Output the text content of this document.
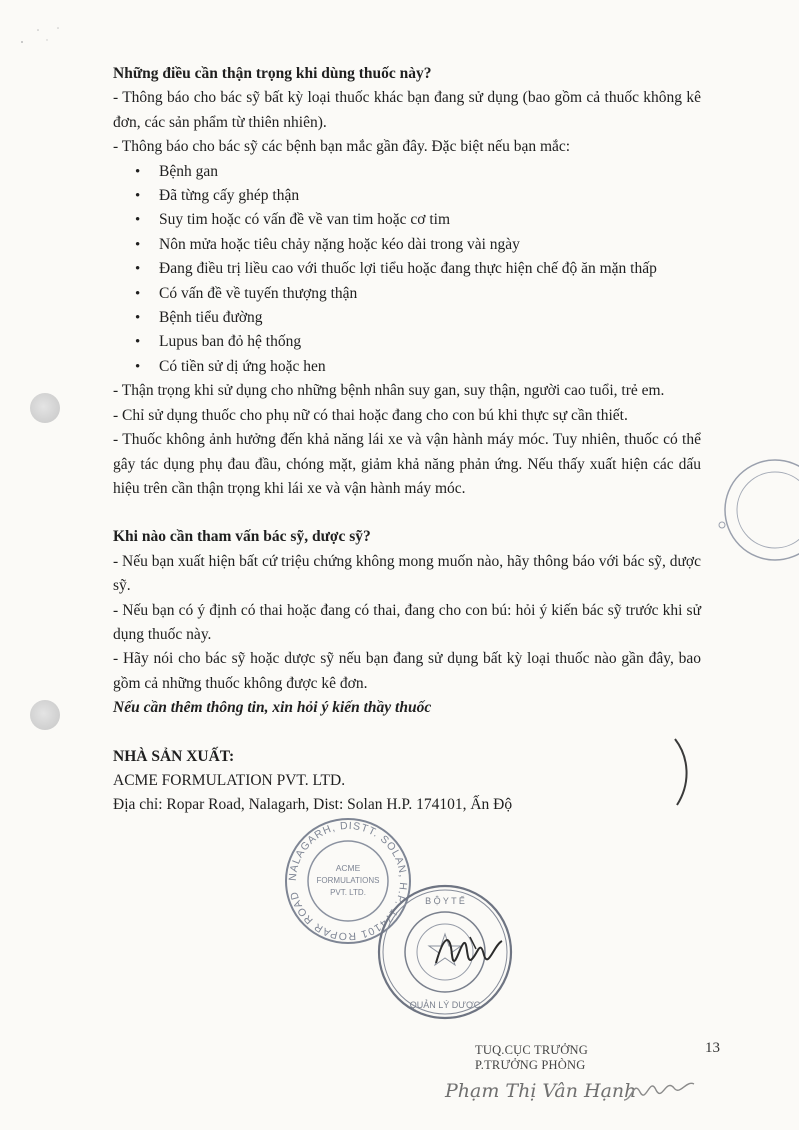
Những điều cần thận trọng khi dùng thuốc này?

- Thông báo cho bác sỹ bất kỳ loại thuốc khác bạn đang sử dụng (bao gồm cả thuốc không kê đơn, các sản phẩm từ thiên nhiên).

- Thông báo cho bác sỹ các bệnh bạn mắc gần đây. Đặc biệt nếu bạn mắc:

• Bệnh gan
• Đã từng cấy ghép thận
• Suy tim hoặc có vấn đề về van tim hoặc cơ tim
• Nôn mửa hoặc tiêu chảy nặng hoặc kéo dài trong vài ngày
• Đang điều trị liều cao với thuốc lợi tiểu hoặc đang thực hiện chế độ ăn mặn thấp
• Có vấn đề về tuyến thượng thận
• Bệnh tiểu đường
• Lupus ban đỏ hệ thống
• Có tiền sử dị ứng hoặc hen

- Thận trọng khi sử dụng cho những bệnh nhân suy gan, suy thận, người cao tuổi, trẻ em.

- Chỉ sử dụng thuốc cho phụ nữ có thai hoặc đang cho con bú khi thực sự cần thiết.

- Thuốc không ảnh hưởng đến khả năng lái xe và vận hành máy móc. Tuy nhiên, thuốc có thể gây tác dụng phụ đau đầu, chóng mặt, giảm khả năng phản ứng. Nếu thấy xuất hiện các dấu hiệu trên cần thận trọng khi lái xe và vận hành máy móc.

Khi nào cần tham vấn bác sỹ, dược sỹ?

- Nếu bạn xuất hiện bất cứ triệu chứng không mong muốn nào, hãy thông báo với bác sỹ, dược sỹ.

- Nếu bạn có ý định có thai hoặc đang có thai, đang cho con bú: hỏi ý kiến bác sỹ trước khi sử dụng thuốc này.

- Hãy nói cho bác sỹ hoặc dược sỹ nếu bạn đang sử dụng bất kỳ loại thuốc nào gần đây, bao gồm cả những thuốc không được kê đơn.

Nếu cần thêm thông tin, xin hỏi ý kiến thầy thuốc

NHÀ SẢN XUẤT:

ACME FORMULATION PVT. LTD.

Địa chỉ: Ropar Road, Nalagarh, Dist: Solan H.P. 174101, Ấn Độ

NALAGARH, DISTT. SOLAN, H.P.-174101 ROPAR ROAD
ACME
FORMULATIONS
PVT. LTD.
B Ộ Y T Ế
QUẢN LÝ DƯỢC
TUQ.CỤC TRƯỞNG
P.TRƯỞNG PHÒNG
Phạm Thị Vân Hạnh
13
